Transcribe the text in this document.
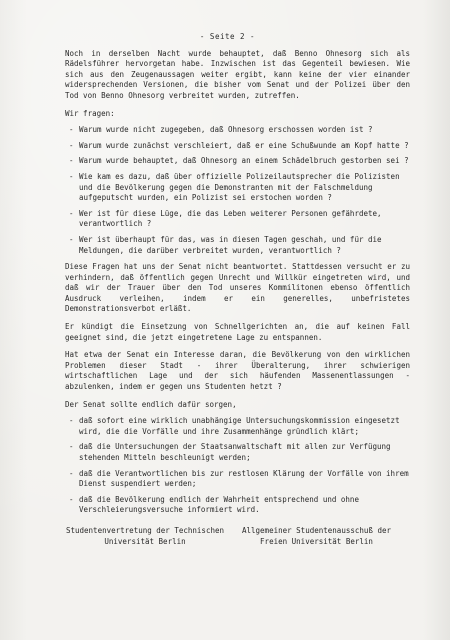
- Seite 2 -

Noch in derselben Nacht wurde behauptet, daß Benno Ohnesorg sich als Rädelsführer hervorgetan habe. Inzwischen ist das Gegenteil bewiesen. Wie sich aus den Zeugenaussagen weiter ergibt, kann keine der vier einander widersprechenden Versionen, die bisher vom Senat und der Polizei über den Tod von Benno Ohnesorg verbreitet wurden, zutreffen.

Wir fragen:
- Warum wurde nicht zugegeben, daß Ohnesorg erschossen worden ist ?
- Warum wurde zunächst verschleiert, daß er eine Schußwunde am Kopf hatte ?
- Warum wurde behauptet, daß Ohnesorg an einem Schädelbruch gestorben sei ?
- Wie kam es dazu, daß über offizielle Polizeilautsprecher die Polizisten und die Bevölkerung gegen die Demonstranten mit der Falschmeldung aufgeputscht wurden, ein Polizist sei erstochen worden ?
- Wer ist für diese Lüge, die das Leben weiterer Personen gefährdete, verantwortlich ?
- Wer ist überhaupt für das, was in diesen Tagen geschah, und für die Meldungen, die darüber verbreitet wurden, verantwortlich ?

Diese Fragen hat uns der Senat nicht beantwortet. Stattdessen versucht er zu verhindern, daß öffentlich gegen Unrecht und Willkür eingetreten wird, und daß wir der Trauer über den Tod unseres Kommilitonen ebenso öffentlich Ausdruck verleihen, indem er ein generelles, unbefristetes Demonstrationsverbot erläßt.

Er kündigt die Einsetzung von Schnellgerichten an, die auf keinen Fall geeignet sind, die jetzt eingetretene Lage zu entspannen.

Hat etwa der Senat ein Interesse daran, die Bevölkerung von den wirklichen Problemen dieser Stadt - ihrer Überalterung, ihrer schwierigen wirtschaftlichen Lage und der sich häufenden Massenentlassungen - abzulenken, indem er gegen uns Studenten hetzt ?

Der Senat sollte endlich dafür sorgen,
- daß sofort eine wirklich unabhängige Untersuchungskommission eingesetzt wird, die die Vorfälle und ihre Zusammenhänge gründlich klärt;
- daß die Untersuchungen der Staatsanwaltschaft mit allen zur Verfügung stehenden Mitteln beschleunigt werden;
- daß die Verantwortlichen bis zur restlosen Klärung der Vorfälle von ihrem Dienst suspendiert werden;
- daß die Bevölkerung endlich der Wahrheit entsprechend und ohne Verschleierungsversuche informiert wird.
Studentenvertretung der Technischen Universität Berlin
Allgemeiner Studentenausschuß der Freien Universität Berlin
